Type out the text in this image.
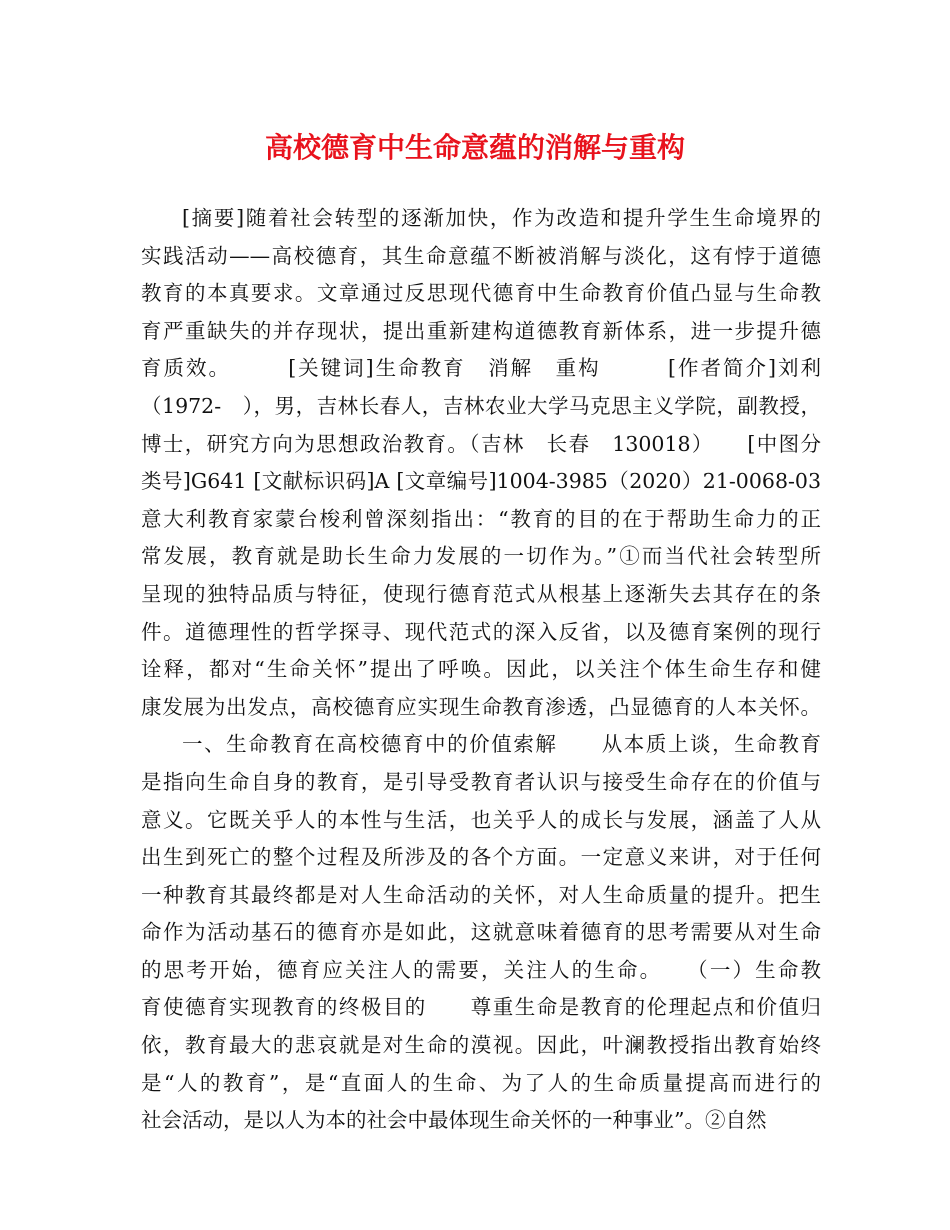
高校德育中生命意蕴的消解与重构
[摘要]随着社会转型的逐渐加快，作为改造和提升学生生命境界的
实践活动——高校德育，其生命意蕴不断被消解与淡化，这有悖于道德
教育的本真要求。文章通过反思现代德育中生命教育价值凸显与生命教
育严重缺失的并存现状，提出重新建构道德教育新体系，进一步提升德
育质效。　　　[关键词]生命教育　消解　重构　　　[作者简介]刘利
（1972-　），男，吉林长春人，吉林农业大学马克思主义学院，副教授，
博士，研究方向为思想政治教育。（吉林　长春　130018）　　[中图分
类号]G641 [文献标识码]A [文章编号]1004-3985（2020）21-0068-03
意大利教育家蒙台梭利曾深刻指出：“教育的目的在于帮助生命力的正
常发展，教育就是助长生命力发展的一切作为。”①而当代社会转型所
呈现的独特品质与特征，使现行德育范式从根基上逐渐失去其存在的条
件。道德理性的哲学探寻、现代范式的深入反省，以及德育案例的现行
诠释，都对“生命关怀”提出了呼唤。因此，以关注个体生命生存和健
康发展为出发点，高校德育应实现生命教育渗透，凸显德育的人本关怀。
一、生命教育在高校德育中的价值索解　　从本质上谈，生命教育
是指向生命自身的教育，是引导受教育者认识与接受生命存在的价值与
意义。它既关乎人的本性与生活，也关乎人的成长与发展，涵盖了人从
出生到死亡的整个过程及所涉及的各个方面。一定意义来讲，对于任何
一种教育其最终都是对人生命活动的关怀，对人生命质量的提升。把生
命作为活动基石的德育亦是如此，这就意味着德育的思考需要从对生命
的思考开始，德育应关注人的需要，关注人的生命。　　（一）生命教
育使德育实现教育的终极目的　　尊重生命是教育的伦理起点和价值归
依，教育最大的悲哀就是对生命的漠视。因此，叶澜教授指出教育始终
是“人的教育”，是“直面人的生命、为了人的生命质量提高而进行的
社会活动，是以人为本的社会中最体现生命关怀的一种事业”。②自然
